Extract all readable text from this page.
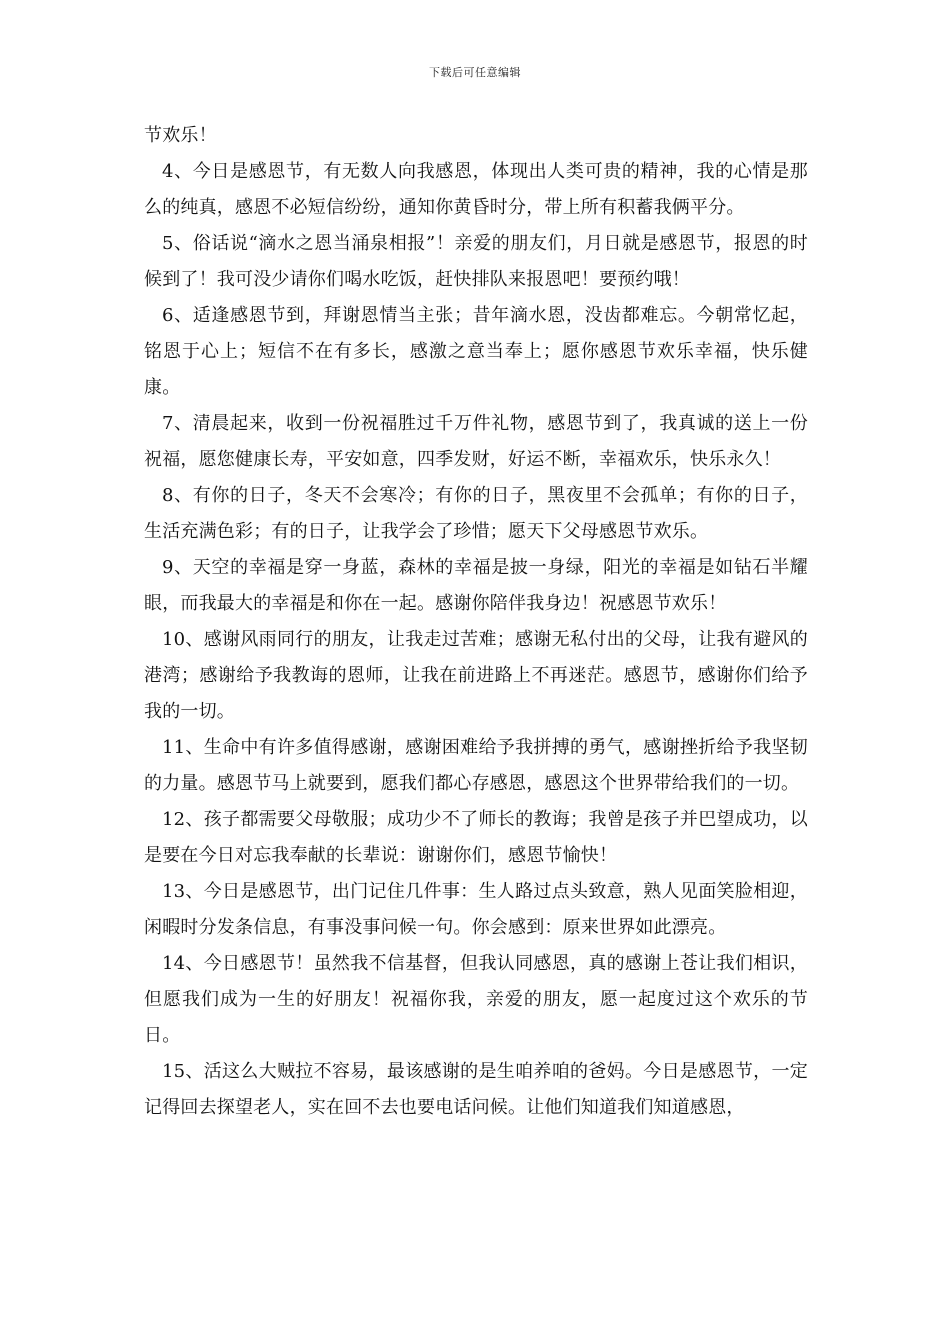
下载后可任意编辑

节欢乐！

4、今日是感恩节，有无数人向我感恩，体现出人类可贵的精神，我的心情是那么的纯真，感恩不必短信纷纷，通知你黄昏时分，带上所有积蓄我俩平分。

5、俗话说“滴水之恩当涌泉相报”！亲爱的朋友们，月日就是感恩节，报恩的时候到了！我可没少请你们喝水吃饭，赶快排队来报恩吧！要预约哦！

6、适逢感恩节到，拜谢恩情当主张；昔年滴水恩，没齿都难忘。今朝常忆起，铭恩于心上；短信不在有多长，感激之意当奉上；愿你感恩节欢乐幸福，快乐健康。

7、清晨起来，收到一份祝福胜过千万件礼物，感恩节到了，我真诚的送上一份祝福，愿您健康长寿，平安如意，四季发财，好运不断，幸福欢乐，快乐永久！

8、有你的日子，冬天不会寒冷；有你的日子，黑夜里不会孤单；有你的日子，生活充满色彩；有的日子，让我学会了珍惜；愿天下父母感恩节欢乐。

9、天空的幸福是穿一身蓝，森林的幸福是披一身绿，阳光的幸福是如钻石半耀眼，而我最大的幸福是和你在一起。感谢你陪伴我身边！祝感恩节欢乐！

10、感谢风雨同行的朋友，让我走过苦难；感谢无私付出的父母，让我有避风的港湾；感谢给予我教诲的恩师，让我在前进路上不再迷茫。感恩节，感谢你们给予我的一切。

11、生命中有许多值得感谢，感谢困难给予我拼搏的勇气，感谢挫折给予我坚韧的力量。感恩节马上就要到，愿我们都心存感恩，感恩这个世界带给我们的一切。

12、孩子都需要父母敬服；成功少不了师长的教诲；我曾是孩子并巴望成功，以是要在今日对忘我奉献的长辈说：谢谢你们，感恩节愉快！

13、今日是感恩节，出门记住几件事：生人路过点头致意，熟人见面笑脸相迎，闲暇时分发条信息，有事没事问候一句。你会感到：原来世界如此漂亮。

14、今日感恩节！虽然我不信基督，但我认同感恩，真的感谢上苍让我们相识，但愿我们成为一生的好朋友！祝福你我，亲爱的朋友，愿一起度过这个欢乐的节日。

15、活这么大贼拉不容易，最该感谢的是生咱养咱的爸妈。今日是感恩节，一定记得回去探望老人，实在回不去也要电话问候。让他们知道我们知道感恩，
